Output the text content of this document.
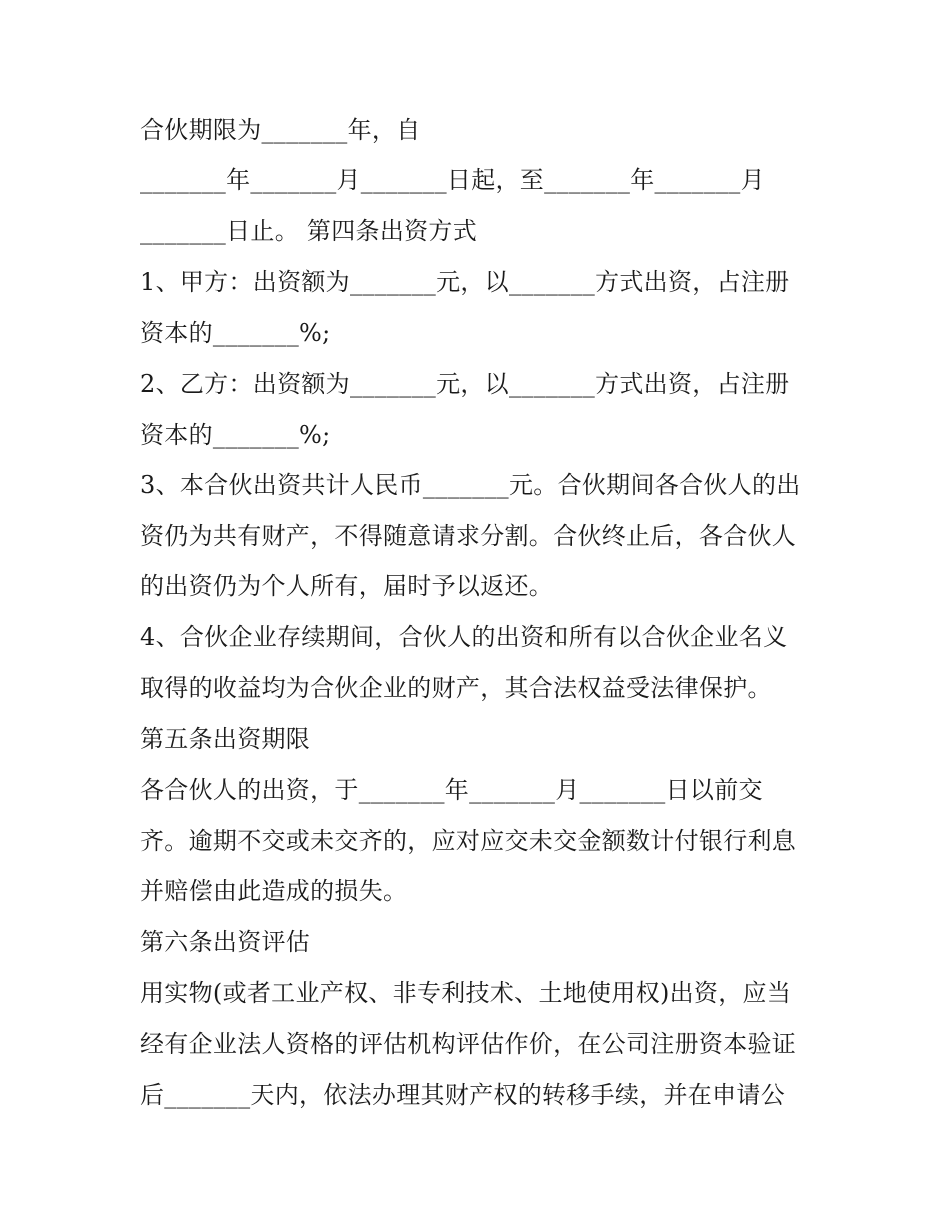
合伙期限为_______年，自
_______年_______月_______日起，至_______年_______月
_______日止。 第四条出资方式
1、甲方：出资额为_______元，以_______方式出资，占注册
资本的_______%;
2、乙方：出资额为_______元，以_______方式出资，占注册
资本的_______%;
3、本合伙出资共计人民币_______元。合伙期间各合伙人的出
资仍为共有财产，不得随意请求分割。合伙终止后，各合伙人
的出资仍为个人所有，届时予以返还。
4、合伙企业存续期间，合伙人的出资和所有以合伙企业名义
取得的收益均为合伙企业的财产，其合法权益受法律保护。
第五条出资期限
各合伙人的出资，于_______年_______月_______日以前交
齐。逾期不交或未交齐的，应对应交未交金额数计付银行利息
并赔偿由此造成的损失。
第六条出资评估
用实物(或者工业产权、非专利技术、土地使用权)出资，应当
经有企业法人资格的评估机构评估作价，在公司注册资本验证
后_______天内，依法办理其财产权的转移手续，并在申请公
